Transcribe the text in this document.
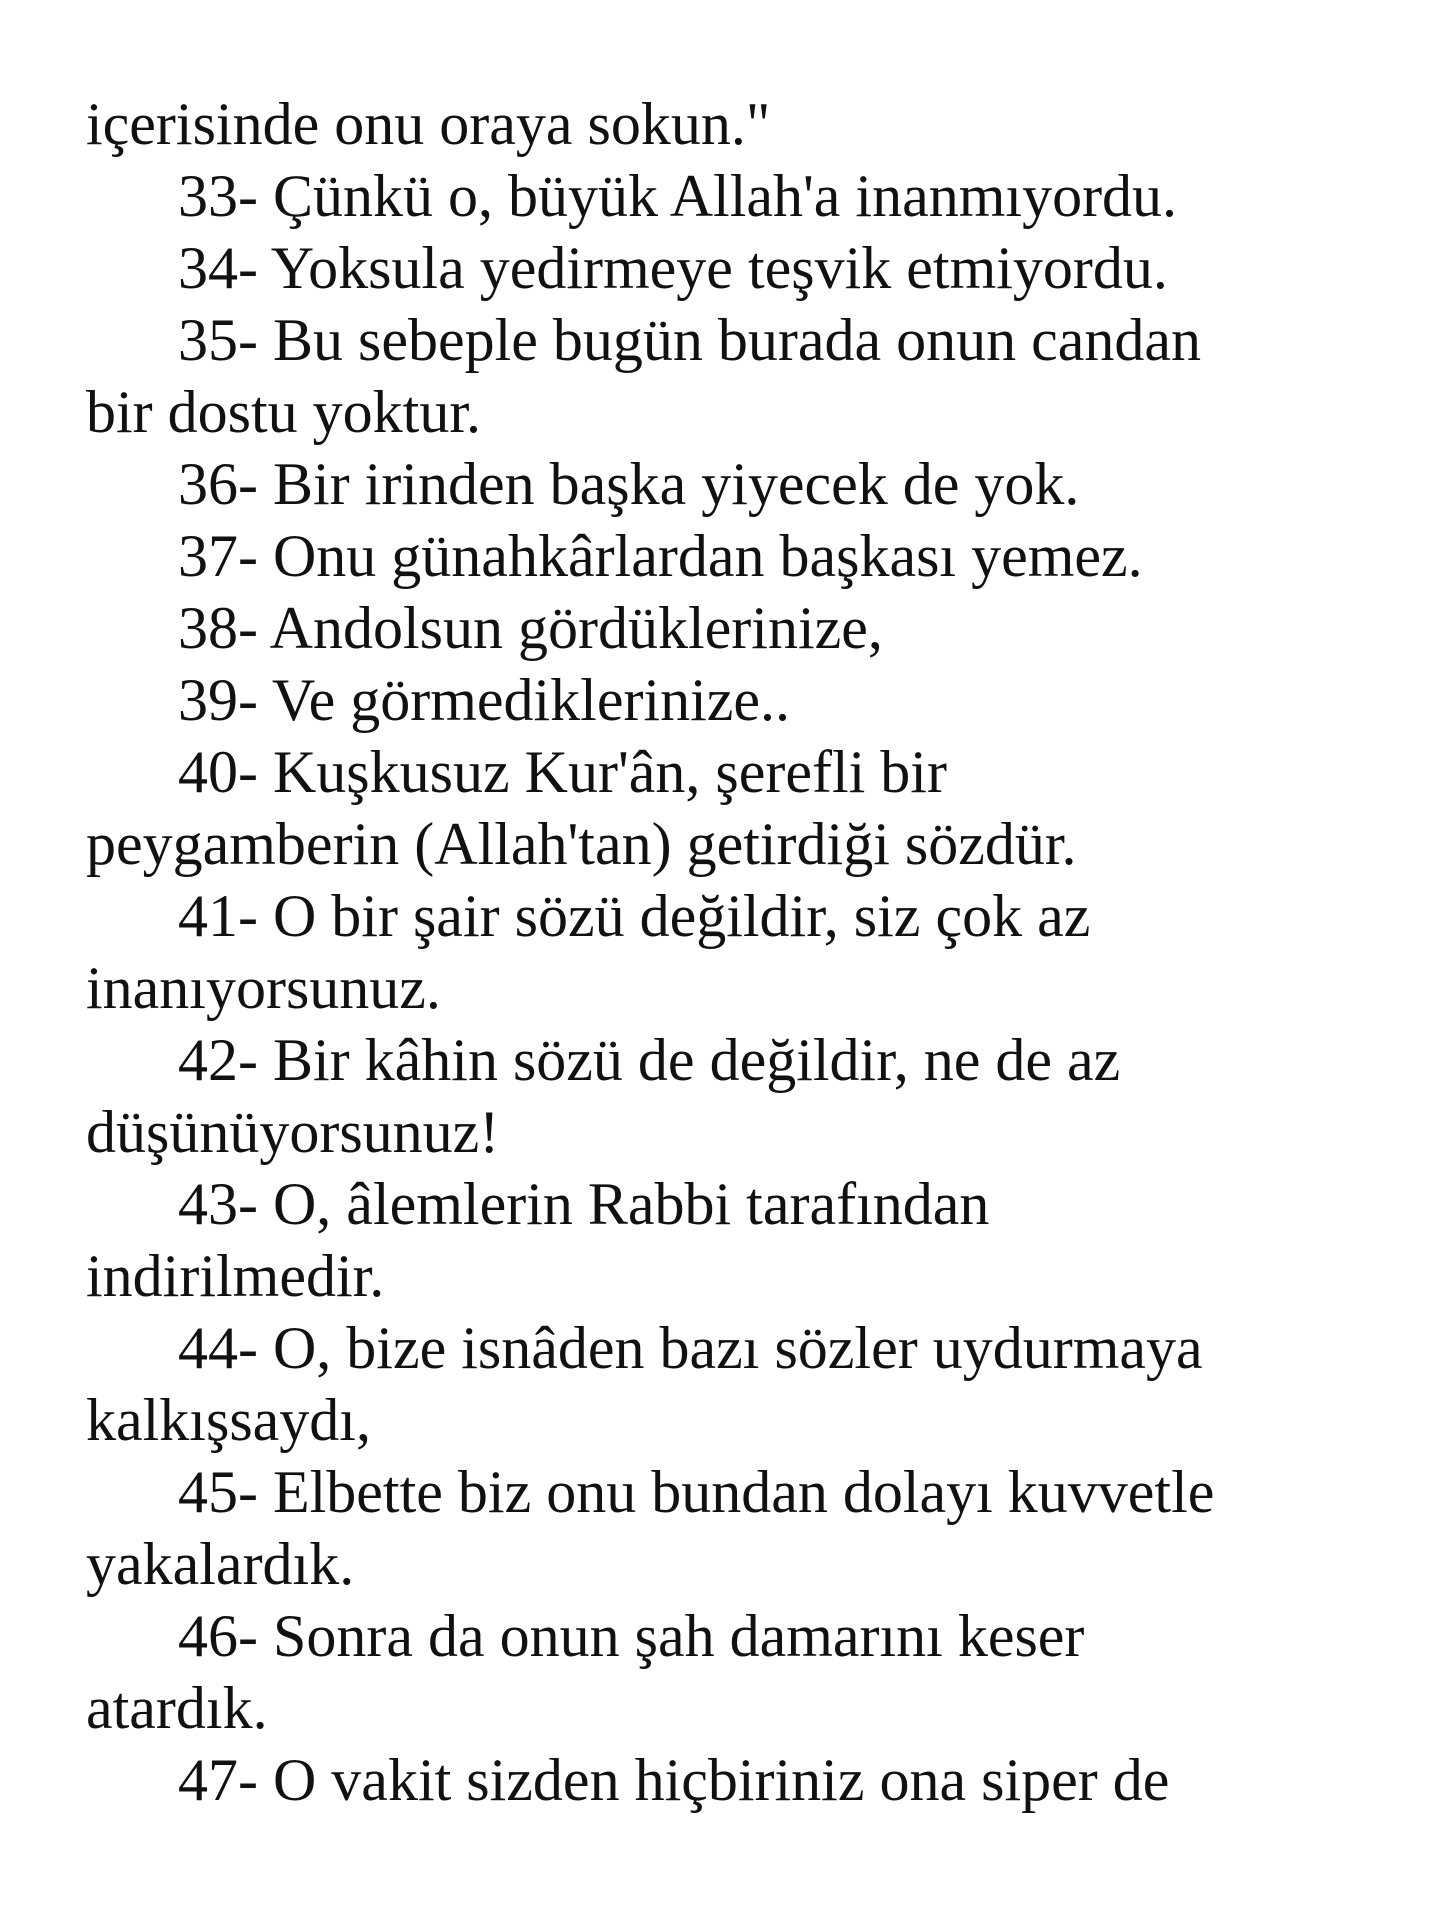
içerisinde onu oraya sokun."
33- Çünkü o, büyük Allah'a inanmıyordu.
34- Yoksula yedirmeye teşvik etmiyordu.
35- Bu sebeple bugün burada onun candan
bir dostu yoktur.
36- Bir irinden başka yiyecek de yok.
37- Onu günahkârlardan başkası yemez.
38- Andolsun gördüklerinize,
39- Ve görmediklerinize..
40- Kuşkusuz Kur'ân, şerefli bir
peygamberin (Allah'tan) getirdiği sözdür.
41- O bir şair sözü değildir, siz çok az
inanıyorsunuz.
42- Bir kâhin sözü de değildir, ne de az
düşünüyorsunuz!
43- O, âlemlerin Rabbi tarafından
indirilmedir.
44- O, bize isnâden bazı sözler uydurmaya
kalkışsaydı,
45- Elbette biz onu bundan dolayı kuvvetle
yakalardık.
46- Sonra da onun şah damarını keser
atardık.
47- O vakit sizden hiçbiriniz ona siper de
